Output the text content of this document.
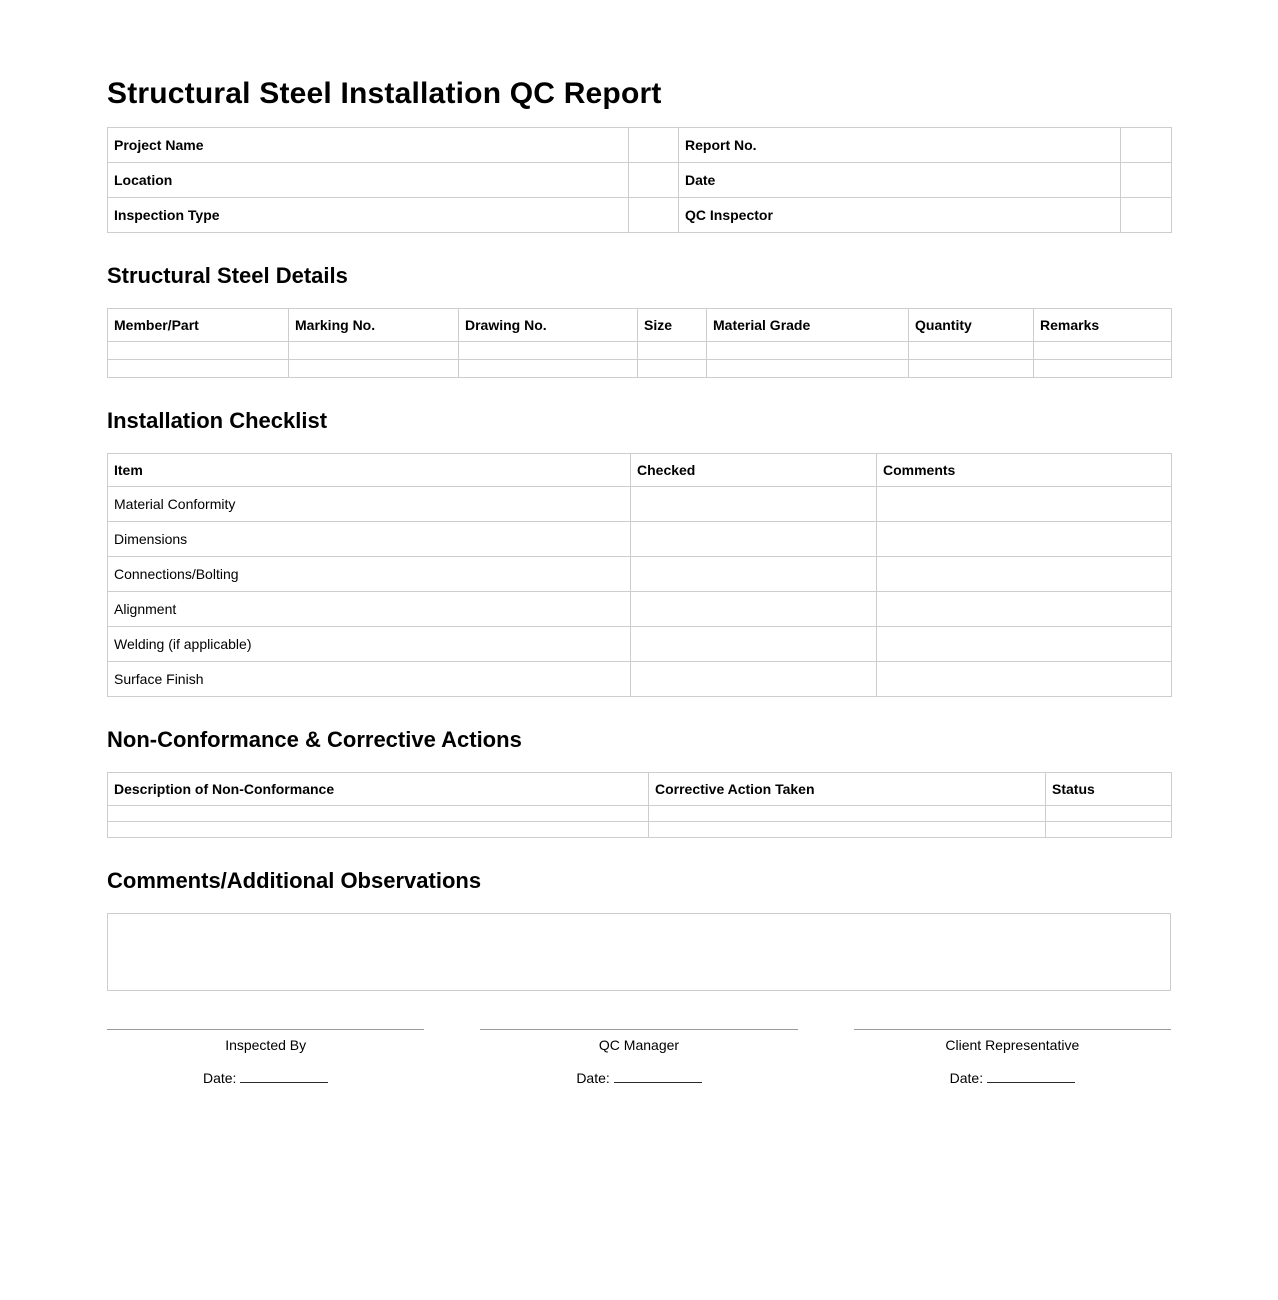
Structural Steel Installation QC Report
Project Name		Report No.	
Location		Date	
Inspection Type		QC Inspector	
Structural Steel Details
Member/Part	Marking No.	Drawing No.	Size	Material Grade	Quantity	Remarks

Installation Checklist
Item	Checked	Comments
Material Conformity		
Dimensions		
Connections/Bolting		
Alignment		
Welding (if applicable)		
Surface Finish		
Non-Conformance & Corrective Actions
Description of Non-Conformance	Corrective Action Taken	Status

Comments/Additional Observations
Inspected By
Date:
QC Manager
Date:
Client Representative
Date:
